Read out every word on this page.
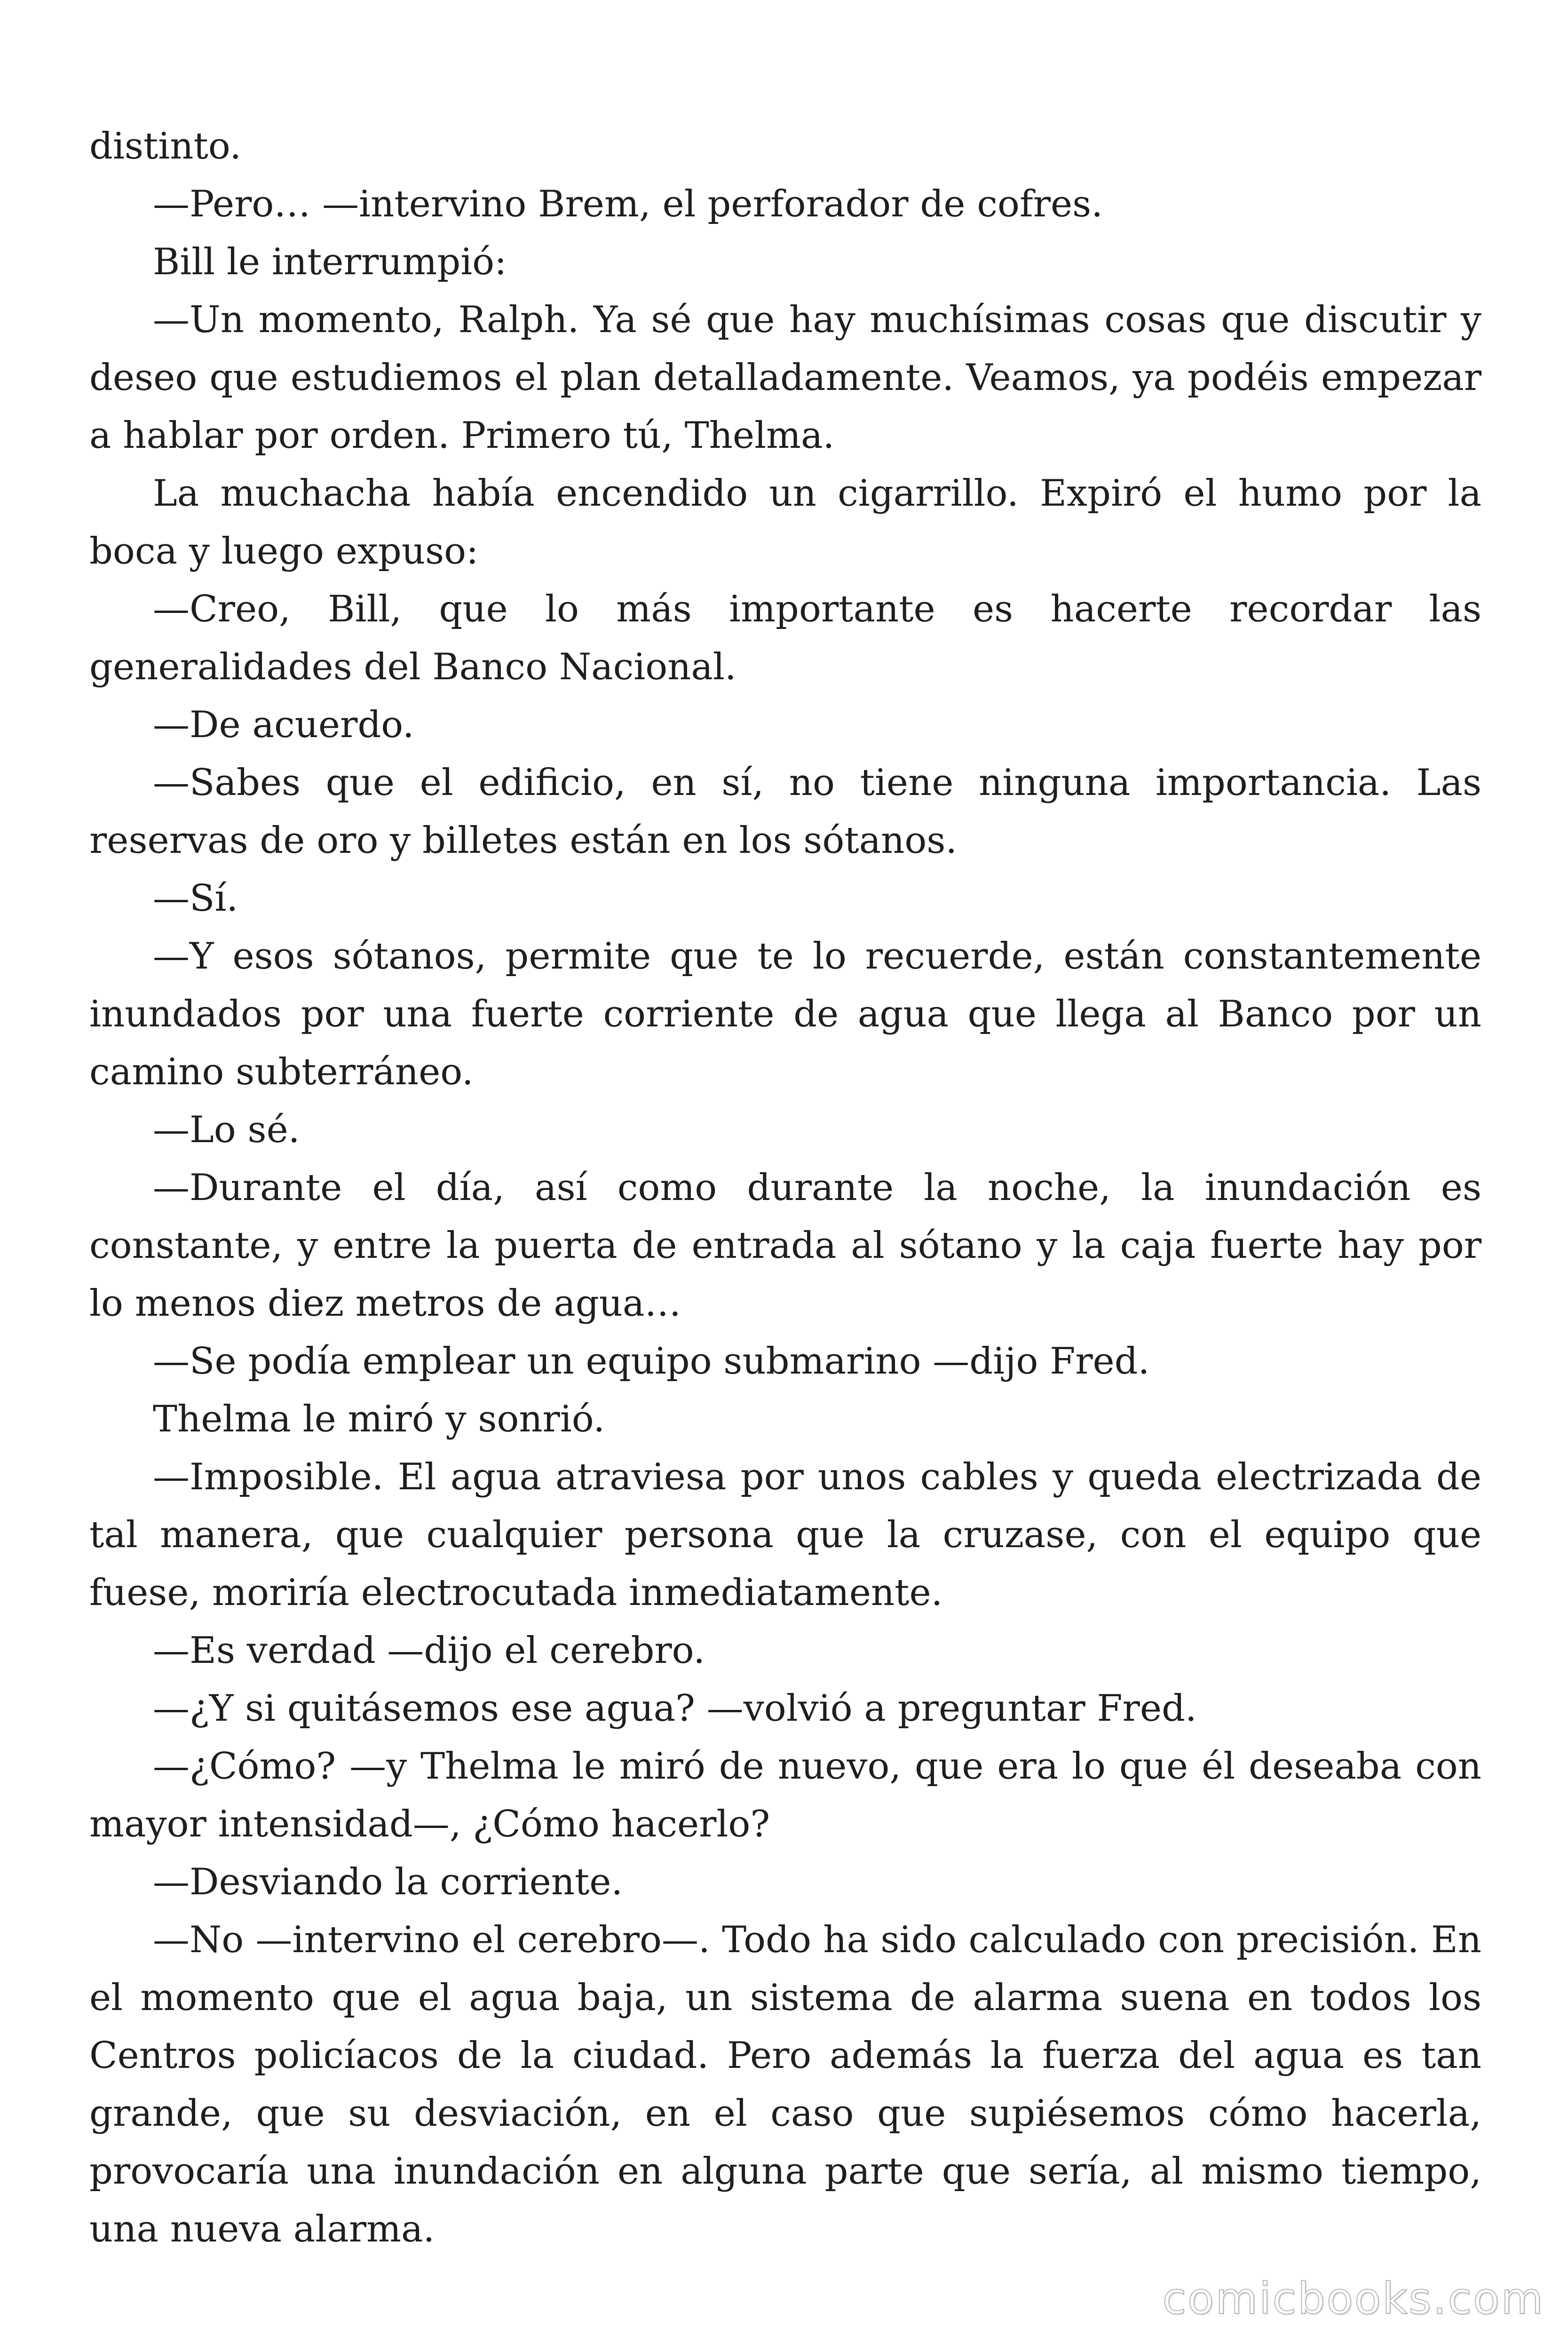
distinto.

—Pero… —intervino Brem, el perforador de cofres.

Bill le interrumpió:

—Un momento, Ralph. Ya sé que hay muchísimas cosas que discutir y deseo que estudiemos el plan detalladamente. Veamos, ya podéis empezar a hablar por orden. Primero tú, Thelma.

La muchacha había encendido un cigarrillo. Expiró el humo por la boca y luego expuso:

—Creo, Bill, que lo más importante es hacerte recordar las generalidades del Banco Nacional.

—De acuerdo.

—Sabes que el edificio, en sí, no tiene ninguna importancia. Las reservas de oro y billetes están en los sótanos.

—Sí.

—Y esos sótanos, permite que te lo recuerde, están constantemente inundados por una fuerte corriente de agua que llega al Banco por un camino subterráneo.

—Lo sé.

—Durante el día, así como durante la noche, la inundación es constante, y entre la puerta de entrada al sótano y la caja fuerte hay por lo menos diez metros de agua…

—Se podía emplear un equipo submarino —dijo Fred.

Thelma le miró y sonrió.

—Imposible. El agua atraviesa por unos cables y queda electrizada de tal manera, que cualquier persona que la cruzase, con el equipo que fuese, moriría electrocutada inmediatamente.

—Es verdad —dijo el cerebro.

—¿Y si quitásemos ese agua? —volvió a preguntar Fred.

—¿Cómo? —y Thelma le miró de nuevo, que era lo que él deseaba con mayor intensidad—, ¿Cómo hacerlo?

—Desviando la corriente.

—No —intervino el cerebro—. Todo ha sido calculado con precisión. En el momento que el agua baja, un sistema de alarma suena en todos los Centros policíacos de la ciudad. Pero además la fuerza del agua es tan grande, que su desviación, en el caso que supiésemos cómo hacerla, provocaría una inundación en alguna parte que sería, al mismo tiempo, una nueva alarma.

comicbooks.com
